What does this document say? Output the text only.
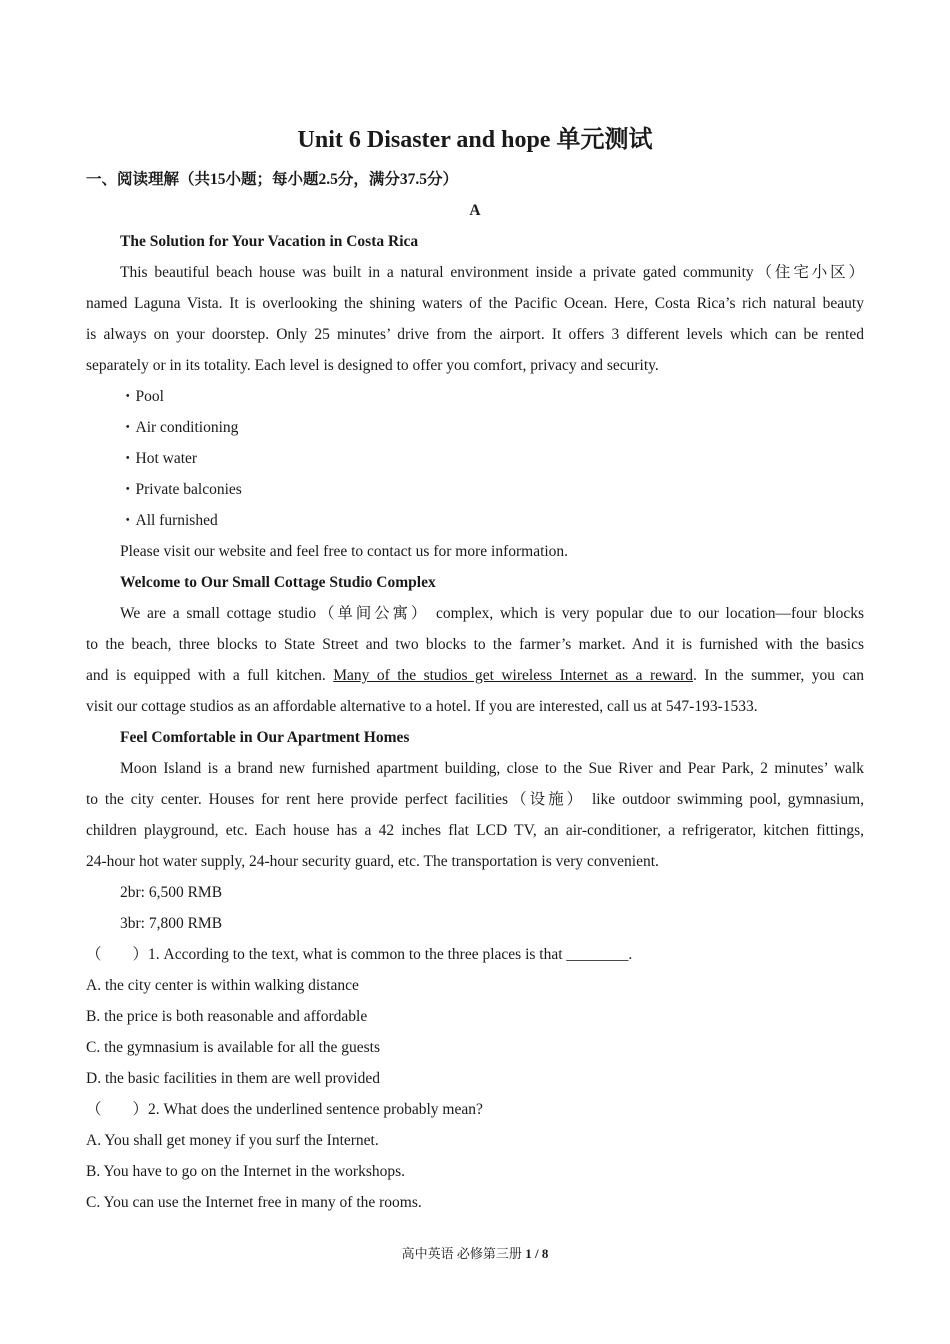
Unit 6 Disaster and hope 单元测试
一、阅读理解（共15小题；每小题2.5分，满分37.5分）
A
The Solution for Your Vacation in Costa Rica
This beautiful beach house was built in a natural environment inside a private gated community（住宅小区）
named Laguna Vista. It is overlooking the shining waters of the Pacific Ocean. Here, Costa Rica’s rich natural beauty
is always on your doorstep. Only 25 minutes’ drive from the airport. It offers 3 different levels which can be rented
separately or in its totality. Each level is designed to offer you comfort, privacy and security.
・Pool
・Air conditioning
・Hot water
・Private balconies
・All furnished
Please visit our website and feel free to contact us for more information.
Welcome to Our Small Cottage Studio Complex
We are a small cottage studio（单间公寓） complex, which is very popular due to our location—four blocks
to the beach, three blocks to State Street and two blocks to the farmer’s market. And it is furnished with the basics
and is equipped with a full kitchen. Many of the studios get wireless Internet as a reward. In the summer, you can
visit our cottage studios as an affordable alternative to a hotel. If you are interested, call us at 547-193-1533.
Feel Comfortable in Our Apartment Homes
Moon Island is a brand new furnished apartment building, close to the Sue River and Pear Park, 2 minutes’ walk
to the city center. Houses for rent here provide perfect facilities（设施） like outdoor swimming pool, gymnasium,
children playground, etc. Each house has a 42 inches flat LCD TV, an air-conditioner, a refrigerator, kitchen fittings,
24-hour hot water supply, 24-hour security guard, etc. The transportation is very convenient.
2br: 6,500 RMB
3br: 7,800 RMB
（　　）1. According to the text, what is common to the three places is that ________.
A. the city center is within walking distance
B. the price is both reasonable and affordable
C. the gymnasium is available for all the guests
D. the basic facilities in them are well provided
（　　）2. What does the underlined sentence probably mean?
A. You shall get money if you surf the Internet.
B. You have to go on the Internet in the workshops.
C. You can use the Internet free in many of the rooms.
高中英语 必修第三册 1 / 8
